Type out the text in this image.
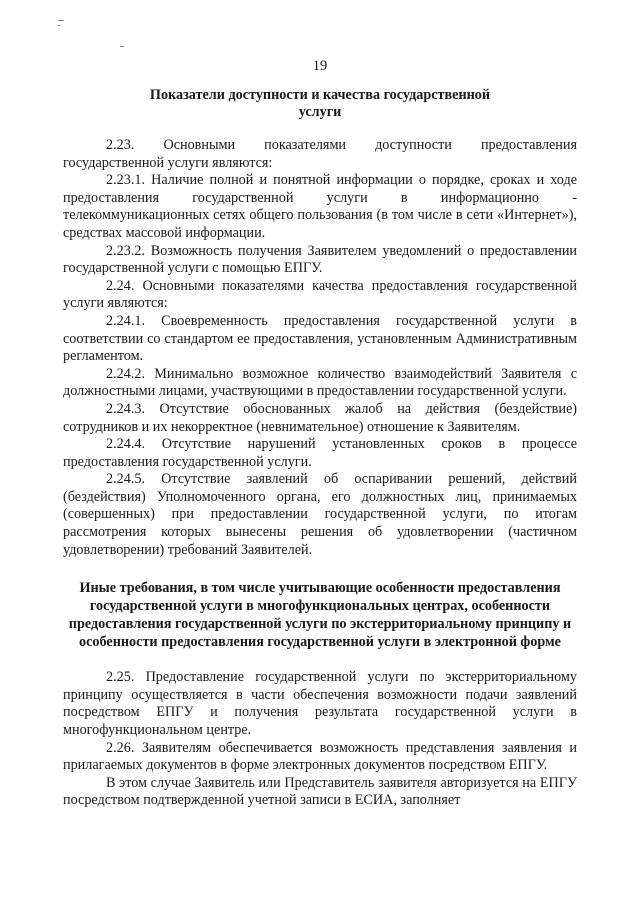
19
Показатели доступности и качества государственной услуги

2.23. Основными показателями доступности предоставления государственной услуги являются:

2.23.1. Наличие полной и понятной информации о порядке, сроках и ходе предоставления государственной услуги в информационно - телекоммуникационных сетях общего пользования (в том числе в сети «Интернет»), средствах массовой информации.

2.23.2. Возможность получения Заявителем уведомлений о предоставлении государственной услуги с помощью ЕПГУ.

2.24. Основными показателями качества предоставления государственной услуги являются:

2.24.1. Своевременность предоставления государственной услуги в соответствии со стандартом ее предоставления, установленным Административным регламентом.

2.24.2. Минимально возможное количество взаимодействий Заявителя с должностными лицами, участвующими в предоставлении государственной услуги.

2.24.3. Отсутствие обоснованных жалоб на действия (бездействие) сотрудников и их некорректное (невнимательное) отношение к Заявителям.

2.24.4. Отсутствие нарушений установленных сроков в процессе предоставления государственной услуги.

2.24.5. Отсутствие заявлений об оспаривании решений, действий (бездействия) Уполномоченного органа, его должностных лиц, принимаемых (совершенных) при предоставлении государственной услуги, по итогам рассмотрения которых вынесены решения об удовлетворении (частичном удовлетворении) требований Заявителей.

Иные требования, в том числе учитывающие особенности предоставления государственной услуги в многофункциональных центрах, особенности предоставления государственной услуги по экстерриториальному принципу и особенности предоставления государственной услуги в электронной форме

2.25. Предоставление государственной услуги по экстерриториальному принципу осуществляется в части обеспечения возможности подачи заявлений посредством ЕПГУ и получения результата государственной услуги в многофункциональном центре.

2.26. Заявителям обеспечивается возможность представления заявления и прилагаемых документов в форме электронных документов посредством ЕПГУ.

В этом случае Заявитель или Представитель заявителя авторизуется на ЕПГУ посредством подтвержденной учетной записи в ЕСИА, заполняет
